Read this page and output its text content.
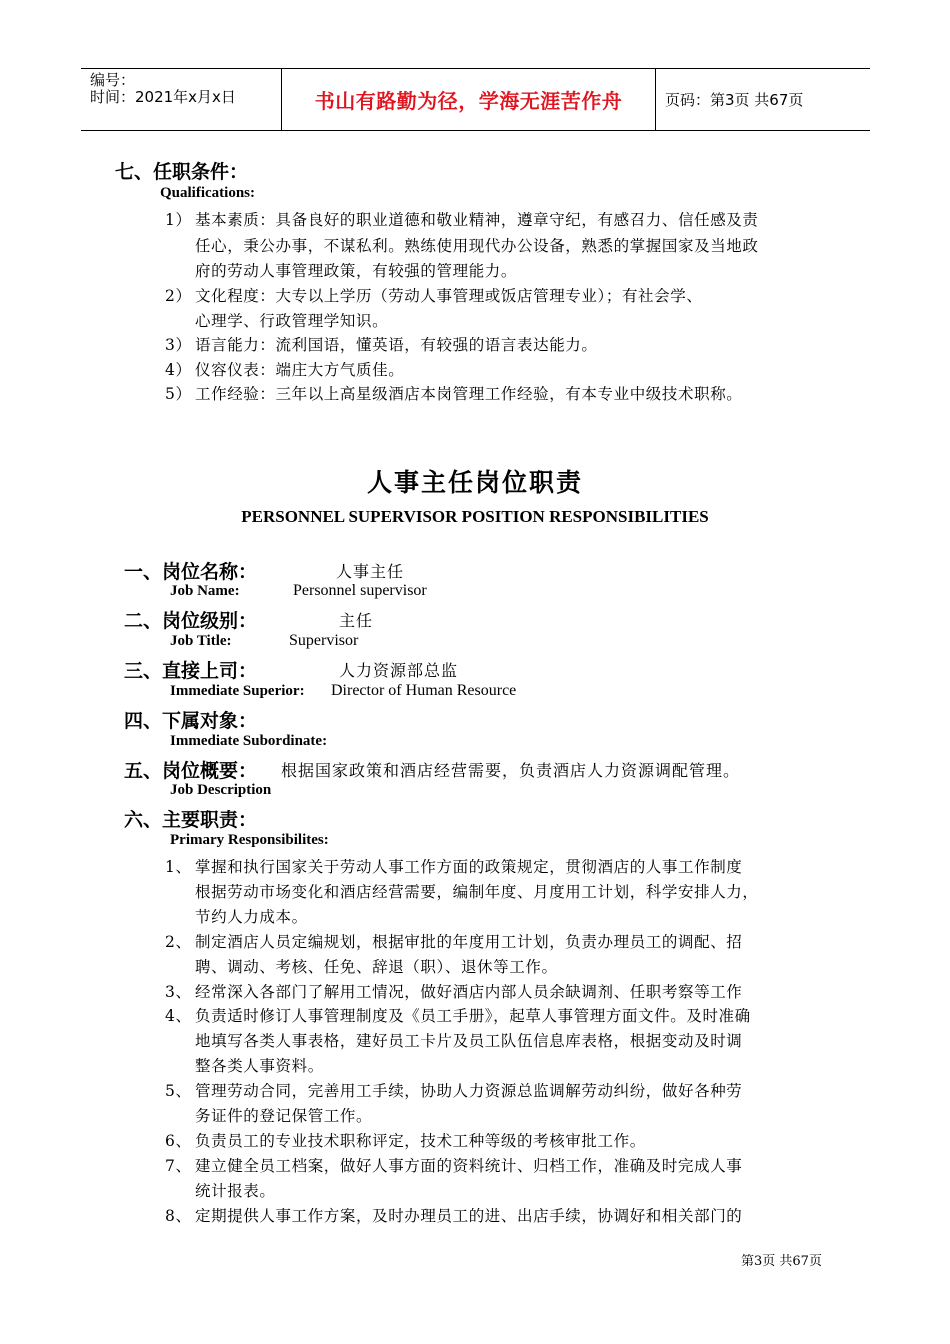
编号：
时间：2021年x月x日	书山有路勤为径，学海无涯苦作舟	页码：第3页 共67页
七、任职条件：
Qualifications:
1） 基本素质：具备良好的职业道德和敬业精神，遵章守纪，有感召力、信任感及责
任心，秉公办事，不谋私利。熟练使用现代办公设备，熟悉的掌握国家及当地政
府的劳动人事管理政策，有较强的管理能力。
2） 文化程度：大专以上学历（劳动人事管理或饭店管理专业）；有社会学、
心理学、行政管理学知识。
3） 语言能力：流利国语，懂英语，有较强的语言表达能力。
4） 仪容仪表：端庄大方气质佳。
5） 工作经验：三年以上高星级酒店本岗管理工作经验，有本专业中级技术职称。
人事主任岗位职责
PERSONNEL SUPERVISOR POSITION RESPONSIBILITIES
一、岗位名称：	人事主任
Job Name:	Personnel supervisor
二、岗位级别：	主任
Job Title:	Supervisor
三、直接上司：	人力资源部总监
Immediate Superior: Director of Human Resource
四、下属对象：
Immediate Subordinate:
五、岗位概要： 根据国家政策和酒店经营需要，负责酒店人力资源调配管理。
Job Description
六、主要职责：
Primary Responsibilites:
1、 掌握和执行国家关于劳动人事工作方面的政策规定，贯彻酒店的人事工作制度
根据劳动市场变化和酒店经营需要，编制年度、月度用工计划，科学安排人力，
节约人力成本。
2、 制定酒店人员定编规划，根据审批的年度用工计划，负责办理员工的调配、招
聘、调动、考核、任免、辞退（职）、退休等工作。
3、 经常深入各部门了解用工情况，做好酒店内部人员余缺调剂、任职考察等工作
4、 负责适时修订人事管理制度及《员工手册》，起草人事管理方面文件。及时准确
地填写各类人事表格，建好员工卡片及员工队伍信息库表格，根据变动及时调
整各类人事资料。
5、 管理劳动合同，完善用工手续，协助人力资源总监调解劳动纠纷，做好各种劳
务证件的登记保管工作。
6、 负责员工的专业技术职称评定，技术工种等级的考核审批工作。
7、 建立健全员工档案，做好人事方面的资料统计、归档工作，准确及时完成人事
统计报表。
8、 定期提供人事工作方案，及时办理员工的进、出店手续，协调好和相关部门的
第3页 共67页
